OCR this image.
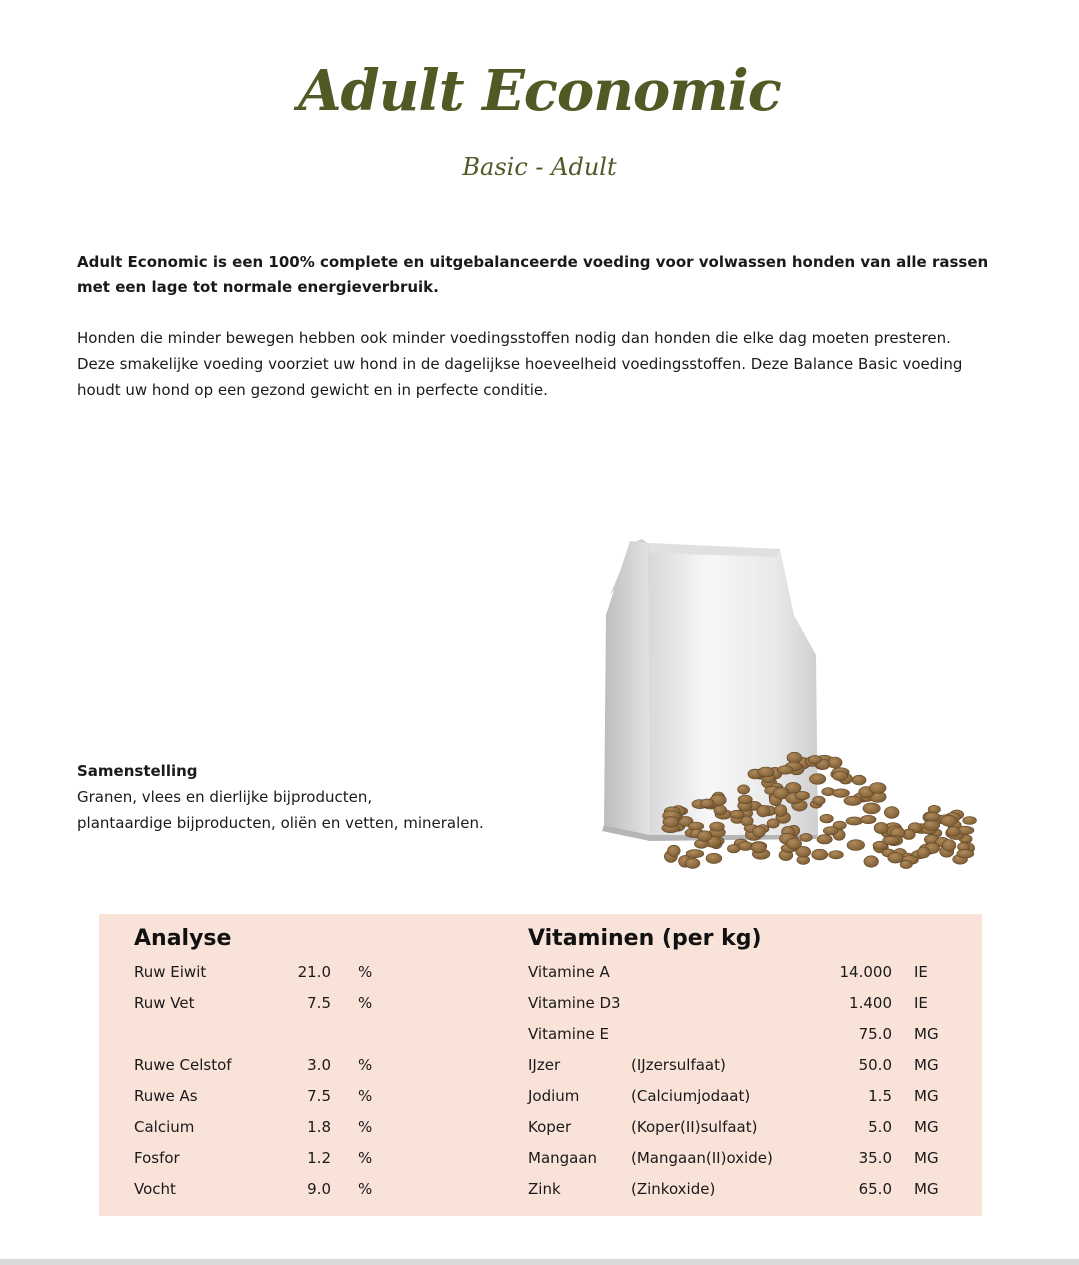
Adult Economic
Basic - Adult

Adult Economic is een 100% complete en uitgebalanceerde voeding voor volwassen honden van alle rassen met een lage tot normale energieverbruik.

Honden die minder bewegen hebben ook minder voedingsstoffen nodig dan honden die elke dag moeten presteren.
Deze smakelijke voeding voorziet uw hond in de dagelijkse hoeveelheid voedingsstoffen. Deze Balance Basic voeding
houdt uw hond op een gezond gewicht en in perfecte conditie.
Samenstelling
Granen, vlees en dierlijke bijproducten,
plantaardige bijproducten, oliën en vetten, mineralen.
Analyse	Vitaminen (per kg)
Ruw Eiwit	21.0 %
Ruw Vet	7.5 %
Ruwe Celstof	3.0 %
Ruwe As	7.5 %
Calcium	1.8 %
Fosfor	1.2 %
Vocht	9.0 %
Vitamine A	14.000 IE
Vitamine D3	1.400 IE
Vitamine E	75.0 MG
IJzer	(IJzersulfaat)	50.0 MG
Jodium	(Calciumjodaat)	1.5 MG
Koper	(Koper(II)sulfaat)	5.0 MG
Mangaan (Mangaan(II)oxide)	35.0 MG
Zink	(Zinkoxide)	65.0 MG
